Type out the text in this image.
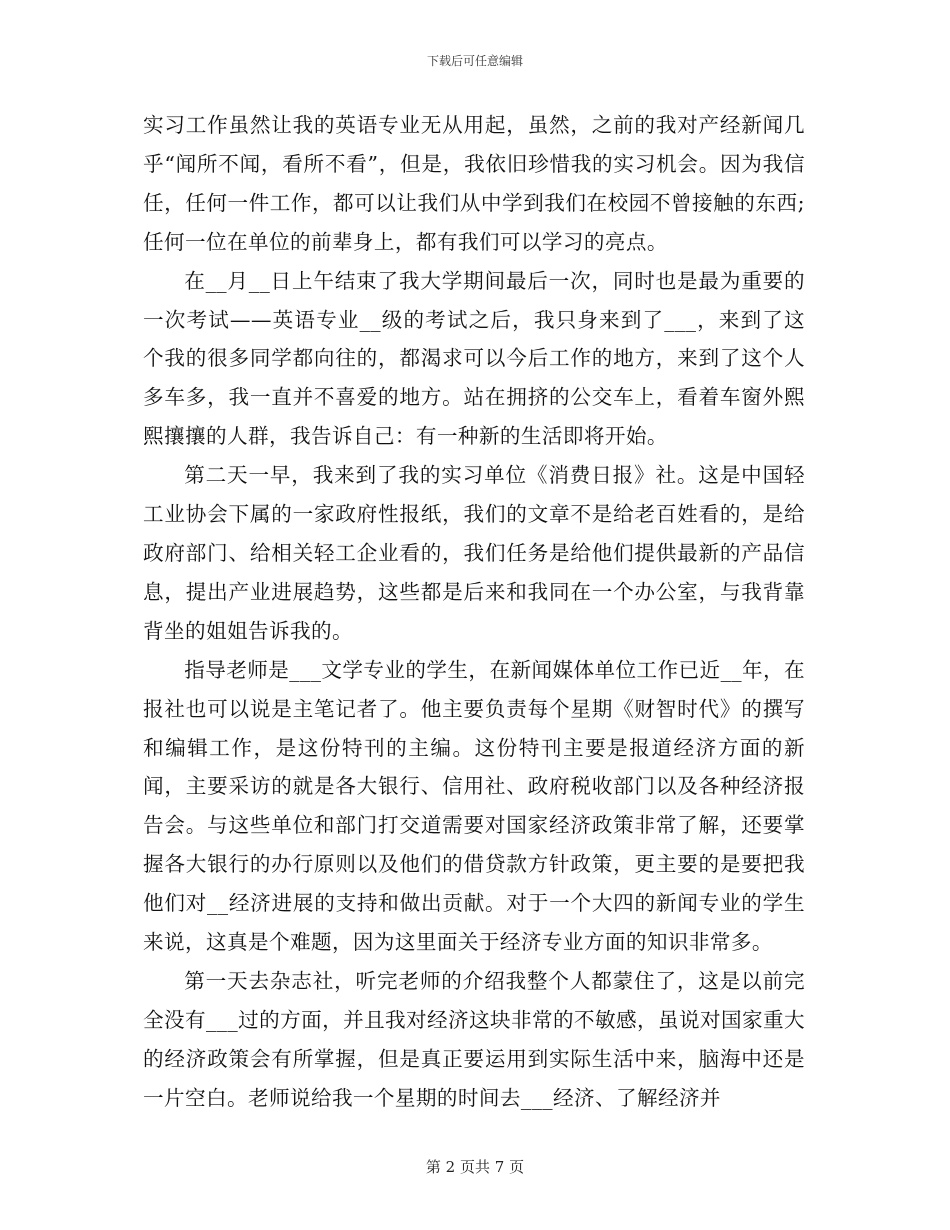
下载后可任意编辑

实习工作虽然让我的英语专业无从用起，虽然，之前的我对产经新闻几乎“闻所不闻，看所不看”，但是，我依旧珍惜我的实习机会。因为我信任，任何一件工作，都可以让我们从中学到我们在校园不曾接触的东西;任何一位在单位的前辈身上，都有我们可以学习的亮点。

在__月__日上午结束了我大学期间最后一次，同时也是最为重要的一次考试——英语专业__级的考试之后，我只身来到了___，来到了这个我的很多同学都向往的，都渴求可以今后工作的地方，来到了这个人多车多，我一直并不喜爱的地方。站在拥挤的公交车上，看着车窗外熙熙攘攘的人群，我告诉自己：有一种新的生活即将开始。

第二天一早，我来到了我的实习单位《消费日报》社。这是中国轻工业协会下属的一家政府性报纸，我们的文章不是给老百姓看的，是给政府部门、给相关轻工企业看的，我们任务是给他们提供最新的产品信息，提出产业进展趋势，这些都是后来和我同在一个办公室，与我背靠背坐的姐姐告诉我的。

指导老师是___文学专业的学生，在新闻媒体单位工作已近__年，在报社也可以说是主笔记者了。他主要负责每个星期《财智时代》的撰写和编辑工作，是这份特刊的主编。这份特刊主要是报道经济方面的新闻，主要采访的就是各大银行、信用社、政府税收部门以及各种经济报告会。与这些单位和部门打交道需要对国家经济政策非常了解，还要掌握各大银行的办行原则以及他们的借贷款方针政策，更主要的是要把我他们对__经济进展的支持和做出贡献。对于一个大四的新闻专业的学生来说，这真是个难题，因为这里面关于经济专业方面的知识非常多。

第一天去杂志社，听完老师的介绍我整个人都蒙住了，这是以前完全没有___过的方面，并且我对经济这块非常的不敏感，虽说对国家重大的经济政策会有所掌握，但是真正要运用到实际生活中来，脑海中还是一片空白。老师说给我一个星期的时间去___经济、了解经济并

第 2 页共 7 页
